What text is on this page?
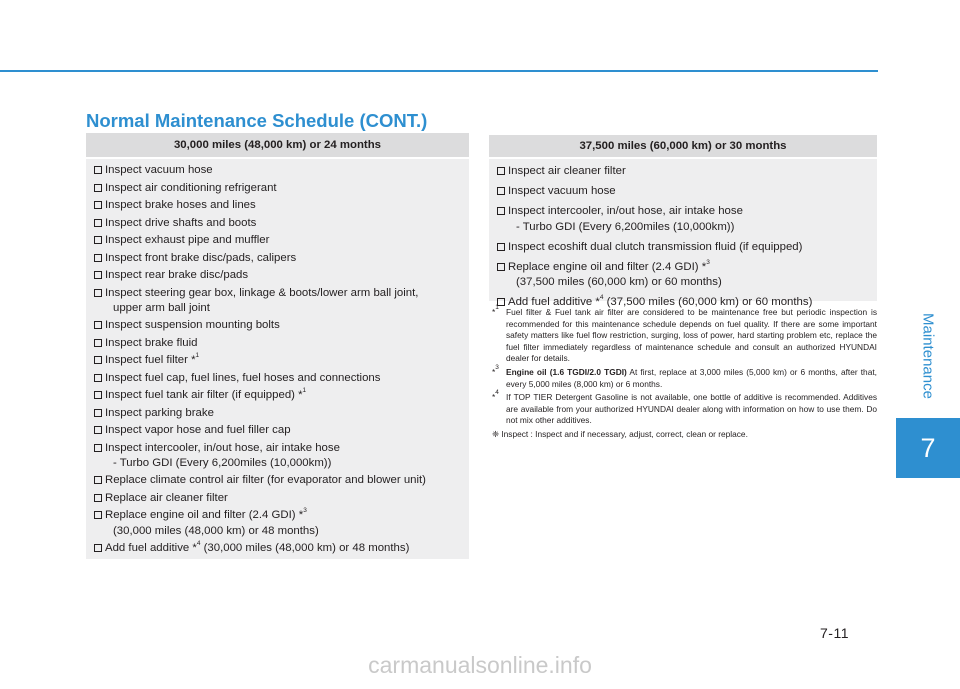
Normal Maintenance Schedule (CONT.)
Maintenance
7
30,000 miles (48,000 km) or 24 months
Inspect vacuum hose
Inspect air conditioning refrigerant
Inspect brake hoses and lines
Inspect drive shafts and boots
Inspect exhaust pipe and muffler
Inspect front brake disc/pads, calipers
Inspect rear brake disc/pads
Inspect steering gear box, linkage & boots/lower arm ball joint,
upper arm ball joint
Inspect suspension mounting bolts
Inspect brake fluid
Inspect fuel filter *$^1$
Inspect fuel cap, fuel lines, fuel hoses and connections
Inspect fuel tank air filter (if equipped) *$^1$
Inspect parking brake
Inspect vapor hose and fuel filler cap
Inspect intercooler, in/out hose, air intake hose
- Turbo GDI (Every 6,200miles (10,000km))
Replace climate control air filter (for evaporator and blower unit)
Replace air cleaner filter
Replace engine oil and filter (2.4 GDI) *$^3$
(30,000 miles (48,000 km) or 48 months)
Add fuel additive *$^4$ (30,000 miles (48,000 km) or 48 months)
37,500 miles (60,000 km) or 30 months
Inspect air cleaner filter
Inspect vacuum hose
Inspect intercooler, in/out hose, air intake hose
- Turbo GDI (Every 6,200miles (10,000km))
Inspect ecoshift dual clutch transmission fluid (if equipped)
Replace engine oil and filter (2.4 GDI) *$^3$
(37,500 miles (60,000 km) or 60 months)
Add fuel additive *$^4$ (37,500 miles (60,000 km) or 60 months)
*$^1$ Fuel filter & Fuel tank air filter are considered to be maintenance free but periodic inspection is recommended for this maintenance schedule depends on fuel quality. If there are some important safety matters like fuel flow restriction, surging, loss of power, hard starting problem etc, replace the fuel filter immediately regardless of maintenance schedule and consult an authorized HYUNDAI dealer for details.
*$^3$ Engine oil (1.6 TGDI/2.0 TGDI) At first, replace at 3,000 miles (5,000 km) or 6 months, after that, every 5,000 miles (8,000 km) or 6 months.
*$^4$ If TOP TIER Detergent Gasoline is not available, one bottle of additive is recommended. Additives are available from your authorized HYUNDAI dealer along with information on how to use them. Do not mix other additives.
❈ Inspect : Inspect and if necessary, adjust, correct, clean or replace.
7-11
carmanualsonline.info
